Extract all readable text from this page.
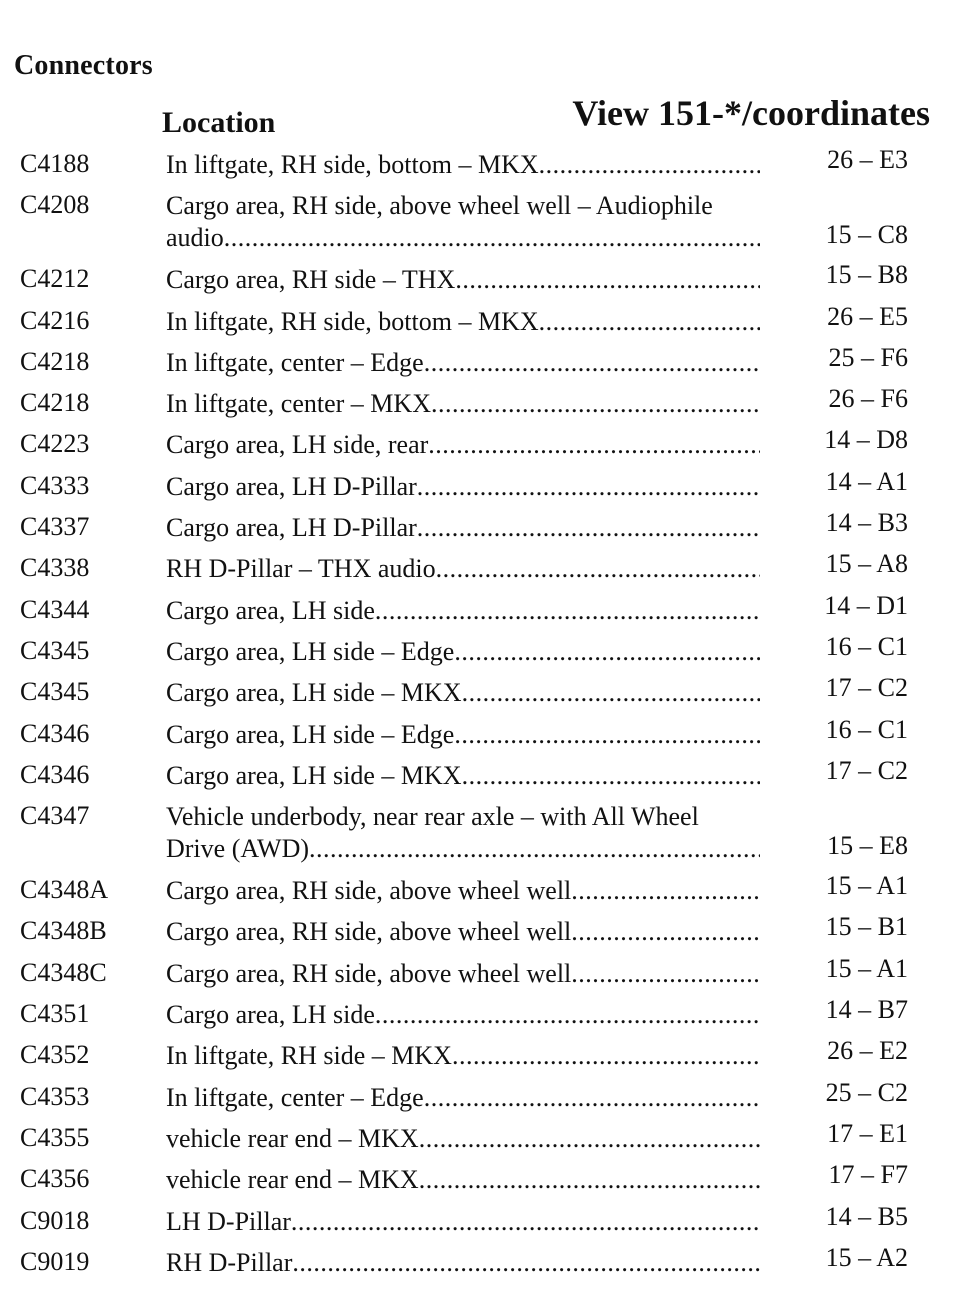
Connectors
Location	View 151-*/coordinates
C4188	In liftgate, RH side, bottom – MKX .....	26 – E3
C4208	Cargo area, RH side, above wheel well – Audiophile
audio .....	15 – C8
C4212	Cargo area, RH side – THX .....	15 – B8
C4216	In liftgate, RH side, bottom – MKX .....	26 – E5
C4218	In liftgate, center – Edge .....	25 – F6
C4218	In liftgate, center – MKX .....	26 – F6
C4223	Cargo area, LH side, rear .....	14 – D8
C4333	Cargo area, LH D-Pillar .....	14 – A1
C4337	Cargo area, LH D-Pillar .....	14 – B3
C4338	RH D-Pillar – THX audio .....	15 – A8
C4344	Cargo area, LH side .....	14 – D1
C4345	Cargo area, LH side – Edge .....	16 – C1
C4345	Cargo area, LH side – MKX .....	17 – C2
C4346	Cargo area, LH side – Edge .....	16 – C1
C4346	Cargo area, LH side – MKX .....	17 – C2
C4347	Vehicle underbody, near rear axle – with All Wheel
Drive (AWD) .....	15 – E8
C4348A Cargo area, RH side, above wheel well .....	15 – A1
C4348B Cargo area, RH side, above wheel well .....	15 – B1
C4348C Cargo area, RH side, above wheel well .....	15 – A1
C4351	Cargo area, LH side .....	14 – B7
C4352	In liftgate, RH side – MKX .....	26 – E2
C4353	In liftgate, center – Edge .....	25 – C2
C4355	vehicle rear end – MKX .....	17 – E1
C4356	vehicle rear end – MKX .....	17 – F7
C9018	LH D-Pillar .....	14 – B5
C9019	RH D-Pillar .....	15 – A2
